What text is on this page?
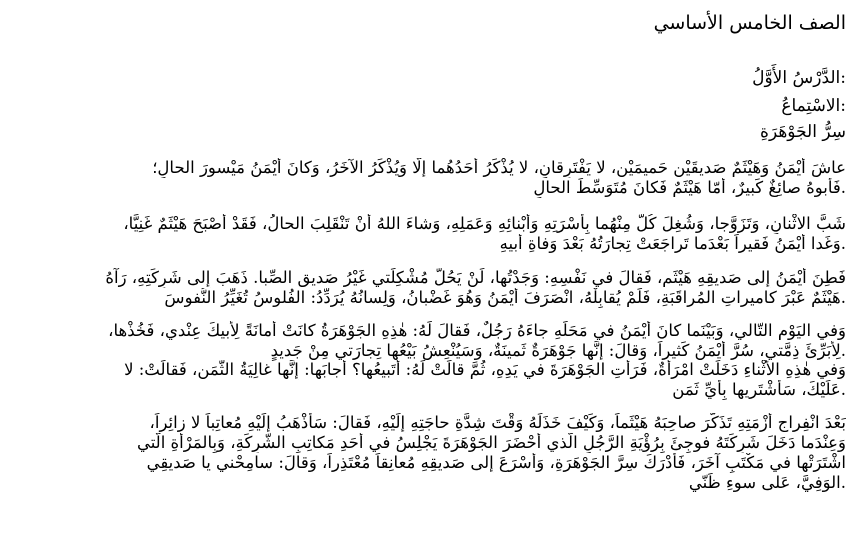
الصف الخامس الأساسي
:الدَّرْسُ الأَوَّلُ
:الاسْتِماعُ
سِرُّ الجَوْهَرَةِ

عاشَ أَيْمَنُ وَهَيْثَمٌ صَديقَيْنِ حَميمَيْنِ، لا يَفْتَرِقانِ، لا يُذْكَرُ أَحَدُهُما إِلّا وَيُذْكَرُ الآخَرُ، وَكانَ أَيْمَنُ مَيْسورَ الحالِ؛
.فَأَبوهُ صائِغٌ كَبيرٌ، أَمّا هَيْثَمٌ فَكانَ مُتَوَسِّطَ الحالِ

شَبَّ الاثْنانِ، وَتَزَوَّجا، وَشُغِلَ كُلٌّ مِنْهُما بِأُسْرَتِهِ وَأَبْنائِهِ وَعَمَلِهِ، وَشاءَ اللهُ أَنْ تَنْقَلِبَ الحالُ، فَقَدْ أَصْبَحَ هَيْثَمٌ غَنِيًّا،
.وَغَدا أَيْمَنُ فَقيراً بَعْدَما تَراجَعَتْ تِجارَتُهُ بَعْدَ وَفاةِ أَبيهِ

فَطِنَ أَيْمَنُ إِلى صَديقِهِ هَيْثَمٍ، فَقالَ في نَفْسِهِ: وَجَدْتُها، لَنْ يَحُلَّ مُشْكِلَتي غَيْرُ صَديقِ الصِّبا. ذَهَبَ إِلى شَرِكَتِهِ، رَآهُ
.هَيْثَمٌ عَبْرَ كاميراتِ المُراقَبَةِ، فَلَمْ يُقابِلْهُ، انْصَرَفَ أَيْمَنُ وَهُوَ غَضْبانُ، وَلِسانُهُ يُرَدِّدُ: الفُلوسُ تُغَيِّرُ النُّفوسَ

وَفي اليَوْمِ التّالي، وَبَيْنَما كانَ أَيْمَنُ في مَحَلِّهِ جاءَهُ رَجُلٌ، فَقالَ لَهُ: هٰذِهِ الجَوْهَرَةُ كانَتْ أَمانَةً لِأَبيكَ عِنْدي، فَخُذْها،
.لِأُبَرِّئَ ذِمَّتي، سُرَّ أَيْمَنُ كَثيراً، وَقالَ: إِنَّها جَوْهَرَةٌ ثَمينَةٌ، وَسَيُنْعِشُ بَيْعُها تِجارَتي مِنْ جَديدٍ

وَفي هٰذِهِ الأَثْناءِ دَخَلَتْ امْرَأَةٌ، فَرَأَتِ الجَوْهَرَةَ في يَدِهِ، ثُمَّ قالَتْ لَهُ: أَتَبيعُها؟ أَجابَها: إِنَّها غالِيَةُ الثَّمَنِ، فَقالَتْ: لا
.عَلَيْكَ، سَأَشْتَريها بِأَيِّ ثَمَنٍ

بَعْدَ انْفِراجِ أَزْمَتِهِ تَذَكَّرَ صاحِبَهُ هَيْثَماً، وَكَيْفَ خَذَلَهُ وَقْتَ شِدَّةِ حاجَتِهِ إِلَيْهِ، فَقالَ: سَأَذْهَبُ إِلَيْهِ مُعاتِباً لا زائِراً،
وَعِنْدَما دَخَلَ شَرِكَتَهُ فوجِئَ بِرُؤْيَةِ الرَّجُلِ الَّذي أَحْضَرَ الجَوْهَرَةَ يَجْلِسُ في أَحَدِ مَكاتِبِ الشَّرِكَةِ، وَبِالمَرْأَةِ الَّتي
اشْتَرَتْها في مَكْتَبٍ آخَرَ، فَأَدْرَكَ سِرَّ الجَوْهَرَةِ، وَأَسْرَعَ إِلى صَديقِهِ مُعانِقاً مُعْتَذِراً، وَقالَ: سامِحْني يا صَديقِي
.الوَفِيَّ، عَلى سوءِ ظَنّي
